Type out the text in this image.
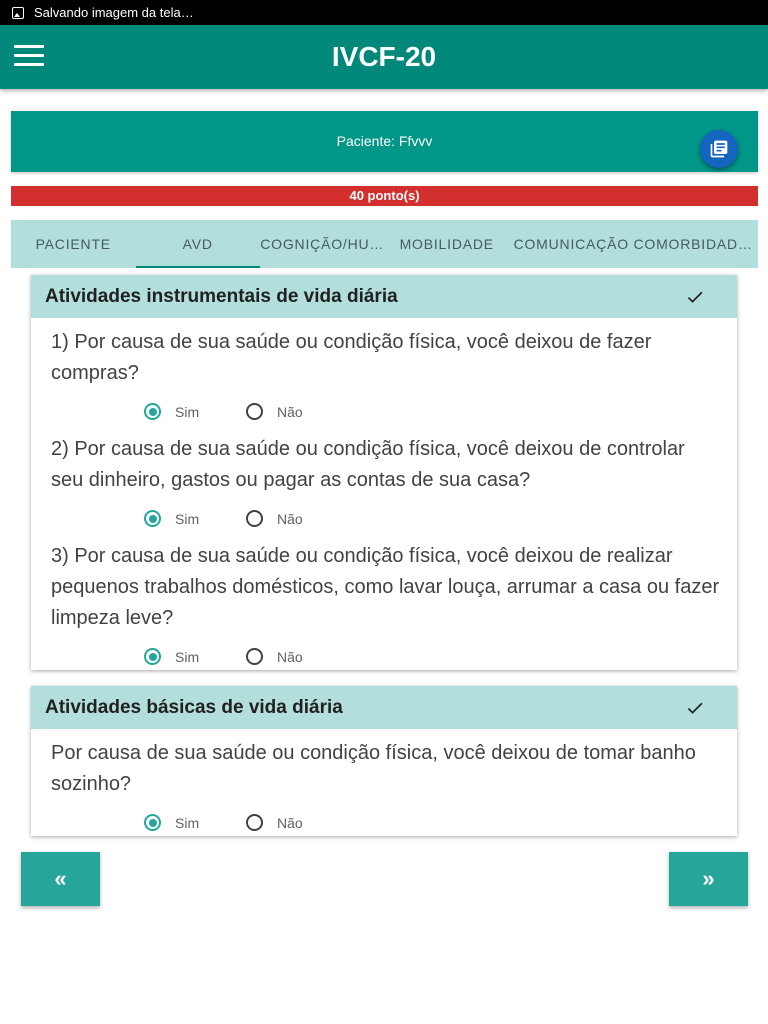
Salvando imagem da tela…
IVCF-20
Paciente: Ffvvv
40 ponto(s)
PACIENTE	AVD	COGNIÇÃO/HU…	MOBILIDADE	COMUNICAÇÃO COMORBIDADES
Atividades instrumentais de vida diária
1) Por causa de sua saúde ou condição física, você deixou de fazer compras?
Sim	Não
2) Por causa de sua saúde ou condição física, você deixou de controlar seu dinheiro, gastos ou pagar as contas de sua casa?
Sim	Não
3) Por causa de sua saúde ou condição física, você deixou de realizar pequenos trabalhos domésticos, como lavar louça, arrumar a casa ou fazer limpeza leve?
Sim	Não
Atividades básicas de vida diária
Por causa de sua saúde ou condição física, você deixou de tomar banho sozinho?
Sim	Não
«	»
